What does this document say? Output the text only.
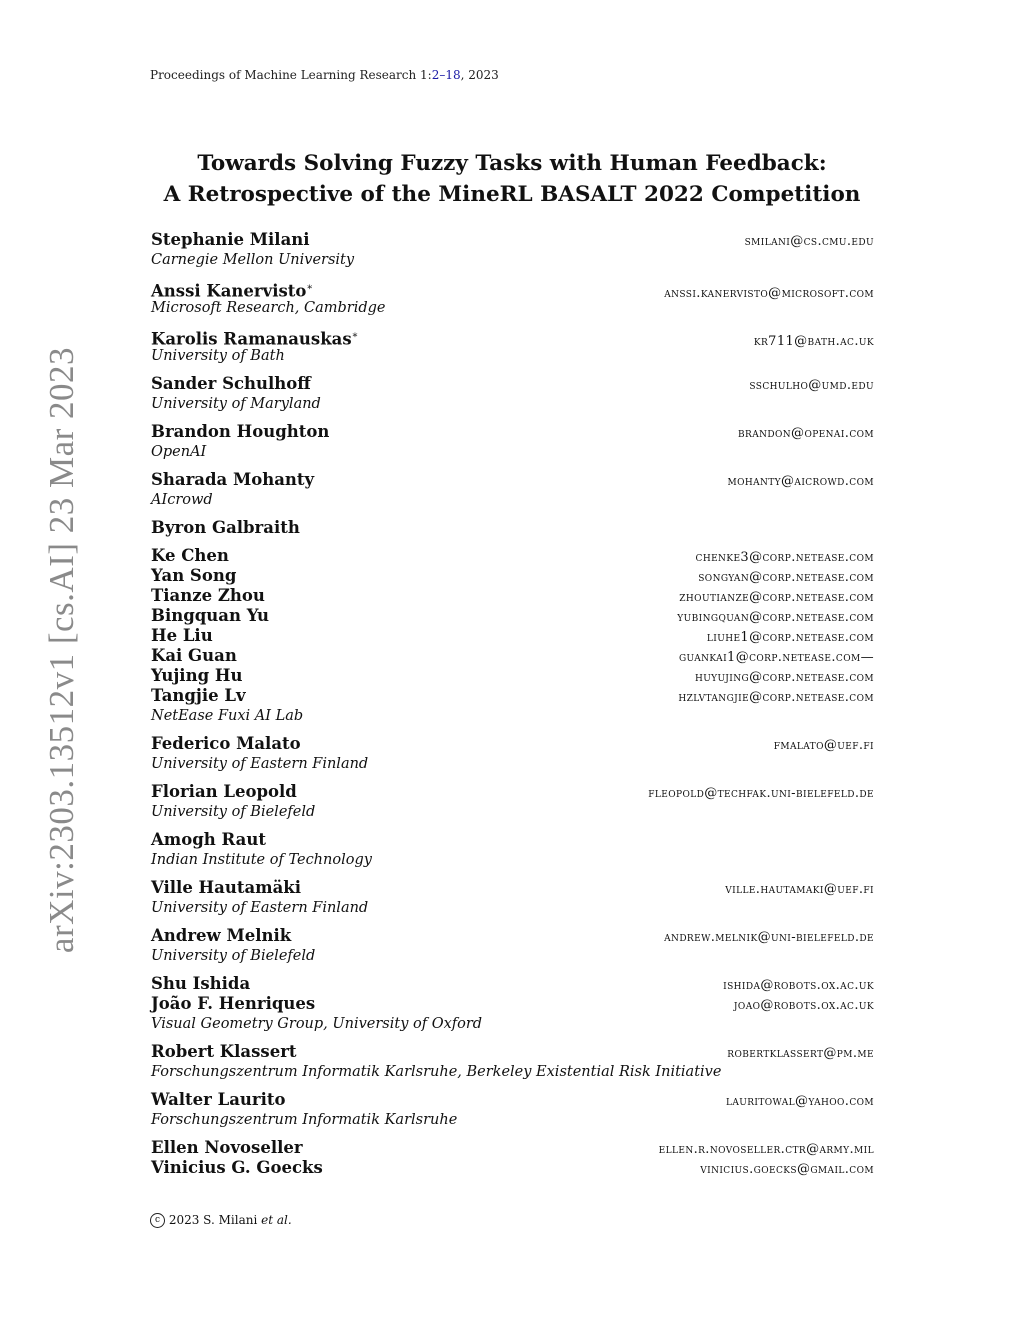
Proceedings of Machine Learning Research 1:2–18, 2023
Towards Solving Fuzzy Tasks with Human Feedback:
A Retrospective of the MineRL BASALT 2022 Competition
arXiv:2303.13512v1 [cs.AI] 23 Mar 2023
Stephanie Milani	smilani@cs.cmu.edu
Carnegie Mellon University
Anssi Kanervisto∗	anssi.kanervisto@microsoft.com
Microsoft Research, Cambridge
Karolis Ramanauskas∗	kr711@bath.ac.uk
University of Bath
Sander Schulhoff	sschulho@umd.edu
University of Maryland
Brandon Houghton	brandon@openai.com
OpenAI
Sharada Mohanty	mohanty@aicrowd.com
AIcrowd
Byron Galbraith
Ke Chen	chenke3@corp.netease.com
Yan Song	songyan@corp.netease.com
Tianze Zhou	zhoutianze@corp.netease.com
Bingquan Yu	yubingquan@corp.netease.com
He Liu	liuhe1@corp.netease.com
Kai Guan	guankai1@corp.netease.com—
Yujing Hu	huyujing@corp.netease.com
Tangjie Lv	hzlvtangjie@corp.netease.com
NetEase Fuxi AI Lab
Federico Malato	fmalato@uef.fi
University of Eastern Finland
Florian Leopold	fleopold@techfak.uni-bielefeld.de
University of Bielefeld
Amogh Raut
Indian Institute of Technology
Ville Hautamäki	ville.hautamaki@uef.fi
University of Eastern Finland
Andrew Melnik	andrew.melnik@uni-bielefeld.de
University of Bielefeld
Shu Ishida	ishida@robots.ox.ac.uk
João F. Henriques	joao@robots.ox.ac.uk
Visual Geometry Group, University of Oxford
Robert Klassert	robertklassert@pm.me
Forschungszentrum Informatik Karlsruhe, Berkeley Existential Risk Initiative
Walter Laurito	lauritowal@yahoo.com
Forschungszentrum Informatik Karlsruhe
Ellen Novoseller	ellen.r.novoseller.ctr@army.mil
Vinicius G. Goecks	vinicius.goecks@gmail.com
c 2023 S. Milani et al.
